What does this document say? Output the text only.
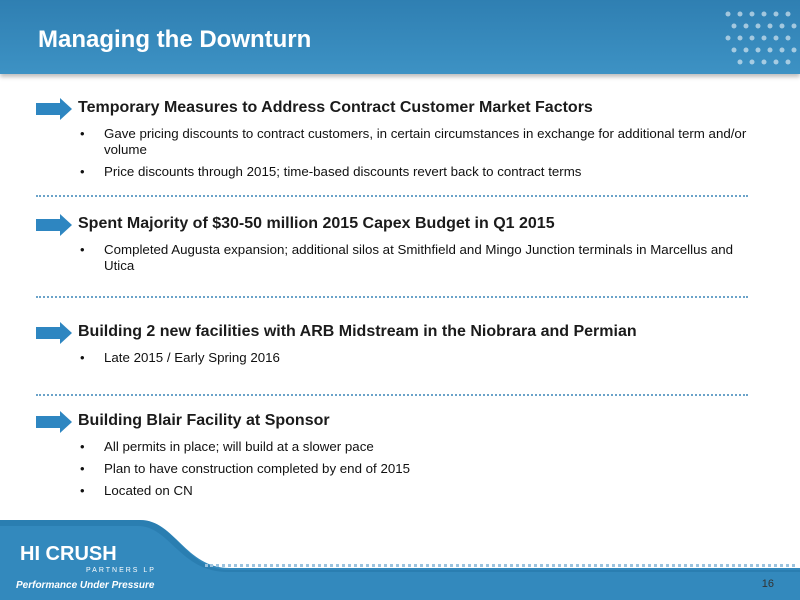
Managing the Downturn
Temporary Measures to Address Contract Customer Market Factors
• Gave pricing discounts to contract customers, in certain circumstances in exchange for additional term and/or volume
• Price discounts through 2015; time-based discounts revert back to contract terms
Spent Majority of $30-50 million 2015 Capex Budget in Q1 2015
• Completed Augusta expansion; additional silos at Smithfield and Mingo Junction terminals in Marcellus and Utica
Building 2 new facilities with ARB Midstream in the Niobrara and Permian
• Late 2015 / Early Spring 2016
Building Blair Facility at Sponsor
• All permits in place; will build at a slower pace
• Plan to have construction completed by end of 2015
• Located on CN
HI CRUSH
PARTNERS LP
Performance Under Pressure	16
